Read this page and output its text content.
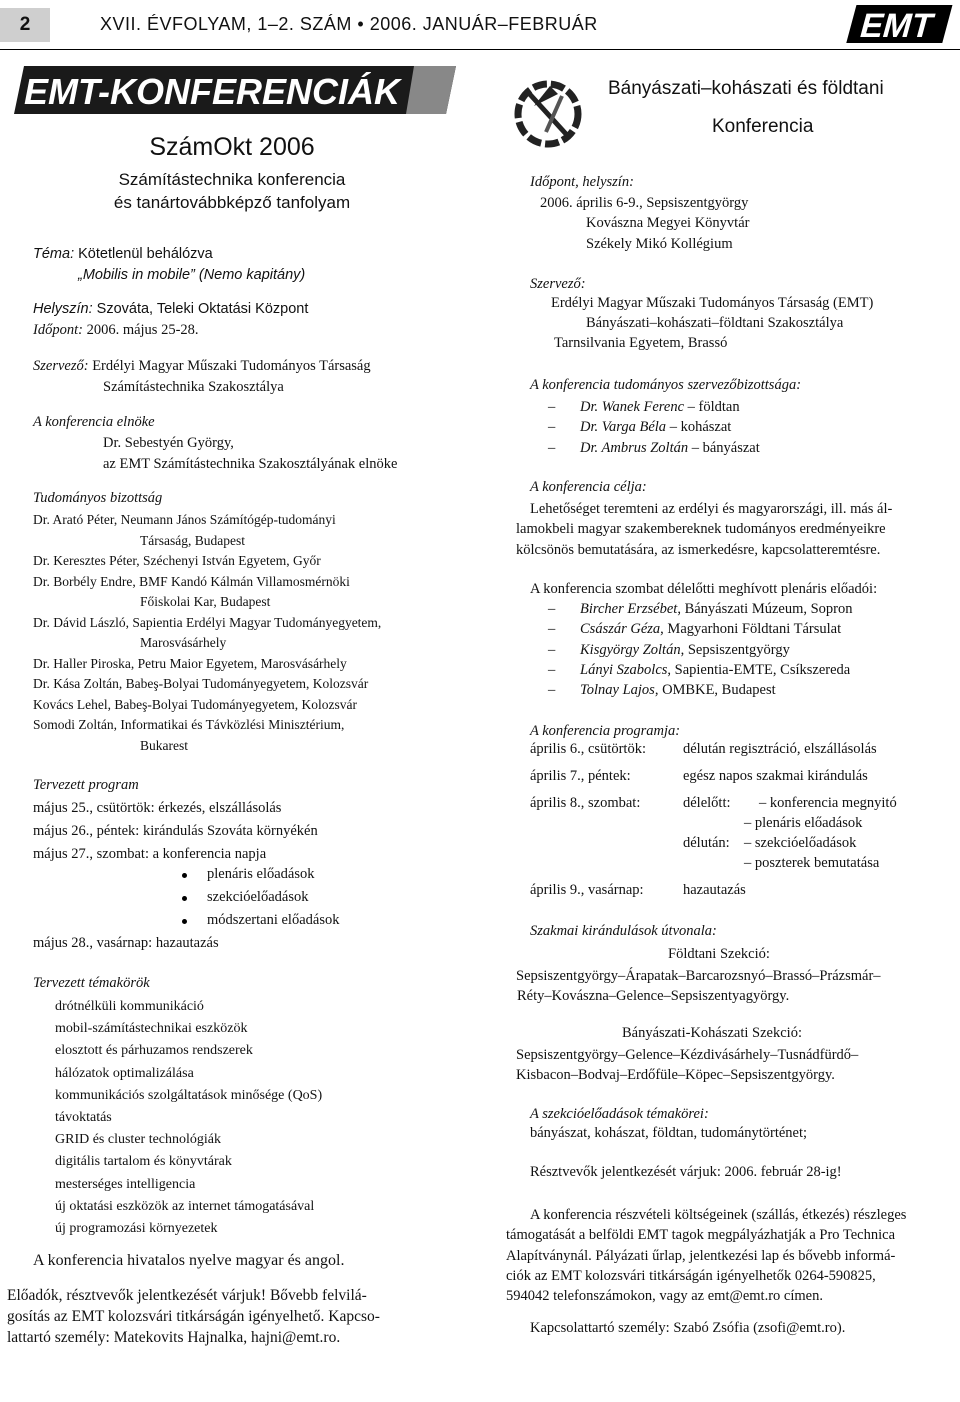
2	XVII. ÉVFOLYAM, 1–2. SZÁM • 2006. JANUÁR–FEBRUÁR	EMT
EMT-KONFERENCIÁK
SzámOkt 2006
Számítástechnika konferencia
és tanártovábbképző tanfolyam
Téma: Kötetlenül behálózva
„Mobilis in mobile” (Nemo kapitány)
Helyszín: Szováta, Teleki Oktatási Központ
Időpont: 2006. május 25-28.
Szervező: Erdélyi Magyar Műszaki Tudományos Társaság
Számítástechnika Szakosztálya
A konferencia elnöke
Dr. Sebestyén György,
az EMT Számítástechnika Szakosztályának elnöke
Tudományos bizottság
Dr. Arató Péter, Neumann János Számítógép-tudományi
Társaság, Budapest
Dr. Keresztes Péter, Széchenyi István Egyetem, Győr
Dr. Borbély Endre, BMF Kandó Kálmán Villamosmérnöki
Főiskolai Kar, Budapest
Dr. Dávid László, Sapientia Erdélyi Magyar Tudományegyetem,
Marosvásárhely
Dr. Haller Piroska, Petru Maior Egyetem, Marosvásárhely
Dr. Kása Zoltán, Babeş-Bolyai Tudományegyetem, Kolozsvár
Kovács Lehel, Babeş-Bolyai Tudományegyetem, Kolozsvár
Somodi Zoltán, Informatikai és Távközlési Minisztérium,
Bukarest
Tervezett program
május 25., csütörtök: érkezés, elszállásolás
május 26., péntek: kirándulás Szováta környékén
május 27., szombat: a konferencia napja
plenáris előadások
szekcióelőadások
módszertani előadások
május 28., vasárnap: hazautazás
Tervezett témakörök
drótnélküli kommunikáció
mobil-számítástechnikai eszközök
elosztott és párhuzamos rendszerek
hálózatok optimalizálása
kommunikációs szolgáltatások minősége (QoS)
távoktatás
GRID és cluster technológiák
digitális tartalom és könyvtárak
mesterséges intelligencia
új oktatási eszközök az internet támogatásával
új programozási környezetek
A konferencia hivatalos nyelve magyar és angol.
Előadók, résztvevők jelentkezését várjuk! Bővebb felvilá-
gosítás az EMT kolozsvári titkárságán igényelhető. Kapcso-
lattartó személy: Matekovits Hajnalka, hajni@emt.ro.
Bányászati–kohászati és földtani
Konferencia
Időpont, helyszín:
2006. április 6-9., Sepsiszentgyörgy
Kovászna Megyei Könyvtár
Székely Mikó Kollégium
Szervező:
Erdélyi Magyar Műszaki Tudományos Társaság (EMT)
Bányászati–kohászati–földtani Szakosztálya
Tarnsilvania Egyetem, Brassó
A konferencia tudományos szervezőbizottsága:
– Dr. Wanek Ferenc – földtan
– Dr. Varga Béla – kohászat
– Dr. Ambrus Zoltán – bányászat
A konferencia célja:
Lehetőséget teremteni az erdélyi és magyarországi, ill. más ál-
lamokbeli magyar szakembereknek tudományos eredményeikre
kölcsönös bemutatására, az ismerkedésre, kapcsolatteremtésre.
A konferencia szombat délelőtti meghívott plenáris előadói:
– Bircher Erzsébet, Bányászati Múzeum, Sopron
– Császár Géza, Magyarhoni Földtani Társulat
– Kisgyörgy Zoltán, Sepsiszentgyörgy
– Lányi Szabolcs, Sapientia-EMTE, Csíkszereda
– Tolnay Lajos, OMBKE, Budapest
A konferencia programja:
április 6., csütörtök:	délután regisztráció, elszállásolás
április 7., péntek:	egész napos szakmai kirándulás
április 8., szombat:	délelőtt: – konferencia megnyitó
– plenáris előadások
délután: – szekcióelőadások
– poszterek bemutatása
április 9., vasárnap:	hazautazás
Szakmai kirándulások útvonala:
Földtani Szekció:
Sepsiszentgyörgy–Árapatak–Barcarozsnyó–Brassó–Prázsmár–
Réty–Kovászna–Gelence–Sepsiszentyagyörgy.
Bányászati-Kohászati Szekció:
Sepsiszentgyörgy–Gelence–Kézdivásárhely–Tusnádfürdő–
Kisbacon–Bodvaj–Erdőfüle–Köpec–Sepsiszentgyörgy.
A szekcióelőadások témakörei:
bányászat, kohászat, földtan, tudománytörténet;
Résztvevők jelentkezését várjuk: 2006. február 28-ig!
A konferencia részvételi költségeinek (szállás, étkezés) részleges
támogatását a belföldi EMT tagok megpályázhatják a Pro Technica
Alapítványnál. Pályázati űrlap, jelentkezési lap és bővebb informá-
ciók az EMT kolozsvári titkárságán igényelhetők 0264-590825,
594042 telefonszámokon, vagy az emt@emt.ro címen.
Kapcsolattartó személy: Szabó Zsófia (zsofi@emt.ro).
